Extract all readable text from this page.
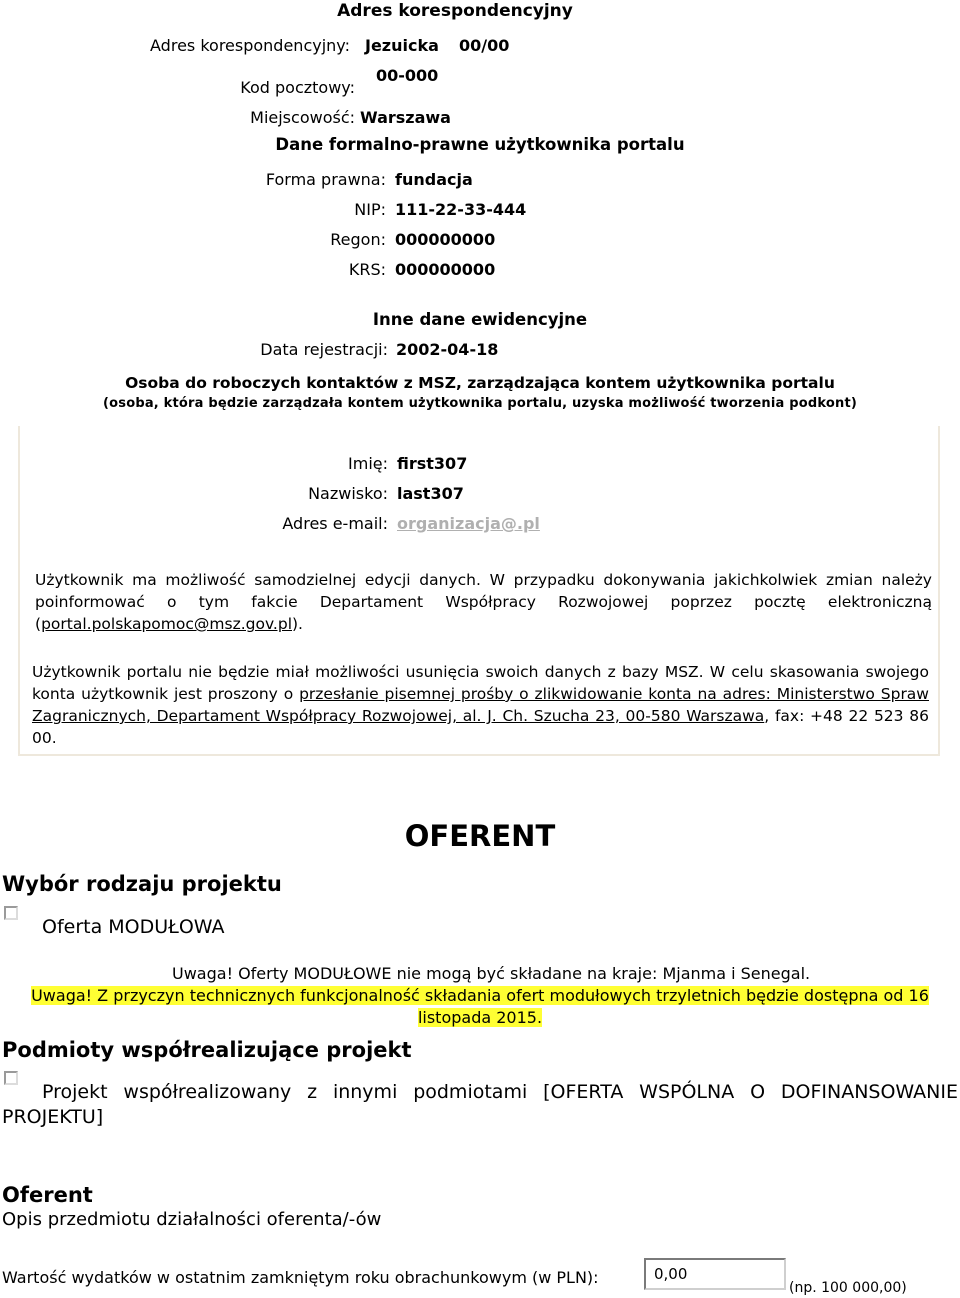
Adres korespondencyjny
Adres korespondencyjny: Jezuicka 00/00
Kod pocztowy:
00-000
Miejscowość: Warszawa
Dane formalno-prawne użytkownika portalu
Forma prawna: fundacja
NIP: 111-22-33-444
Regon: 000000000
KRS: 000000000
Inne dane ewidencyjne
Data rejestracji: 2002-04-18
Osoba do roboczych kontaktów z MSZ, zarządzająca kontem użytkownika portalu
(osoba, która będzie zarządzała kontem użytkownika portalu, uzyska możliwość tworzenia podkont)
Imię: first307
Nazwisko: last307
Adres e-mail: organizacja@.pl
Użytkownik ma możliwość samodzielnej edycji danych. W przypadku dokonywania jakichkolwiek zmian należy poinformować o tym fakcie Departament Współpracy Rozwojowej poprzez pocztę elektroniczną (portal.polskapomoc@msz.gov.pl).
Użytkownik portalu nie będzie miał możliwości usunięcia swoich danych z bazy MSZ. W celu skasowania swojego konta użytkownik jest proszony o przesłanie pisemnej prośby o zlikwidowanie konta na adres: Ministerstwo Spraw Zagranicznych, Departament Współpracy Rozwojowej, al. J. Ch. Szucha 23, 00-580 Warszawa, fax: +48 22 523 86 00.
OFERENT
Wybór rodzaju projektu
Oferta MODUŁOWA
Uwaga! Oferty MODUŁOWE nie mogą być składane na kraje: Mjanma i Senegal.
Uwaga! Z przyczyn technicznych funkcjonalność składania ofert modułowych trzyletnich będzie dostępna od 16 listopada 2015.
Podmioty współrealizujące projekt
Projekt współrealizowany z innymi podmiotami [OFERTA WSPÓLNA O DOFINANSOWANIE PROJEKTU]
Oferent
Opis przedmiotu działalności oferenta/-ów
Wartość wydatków w ostatnim zamkniętym roku obrachunkowym (w PLN):
0,00
(np. 100 000,00)
